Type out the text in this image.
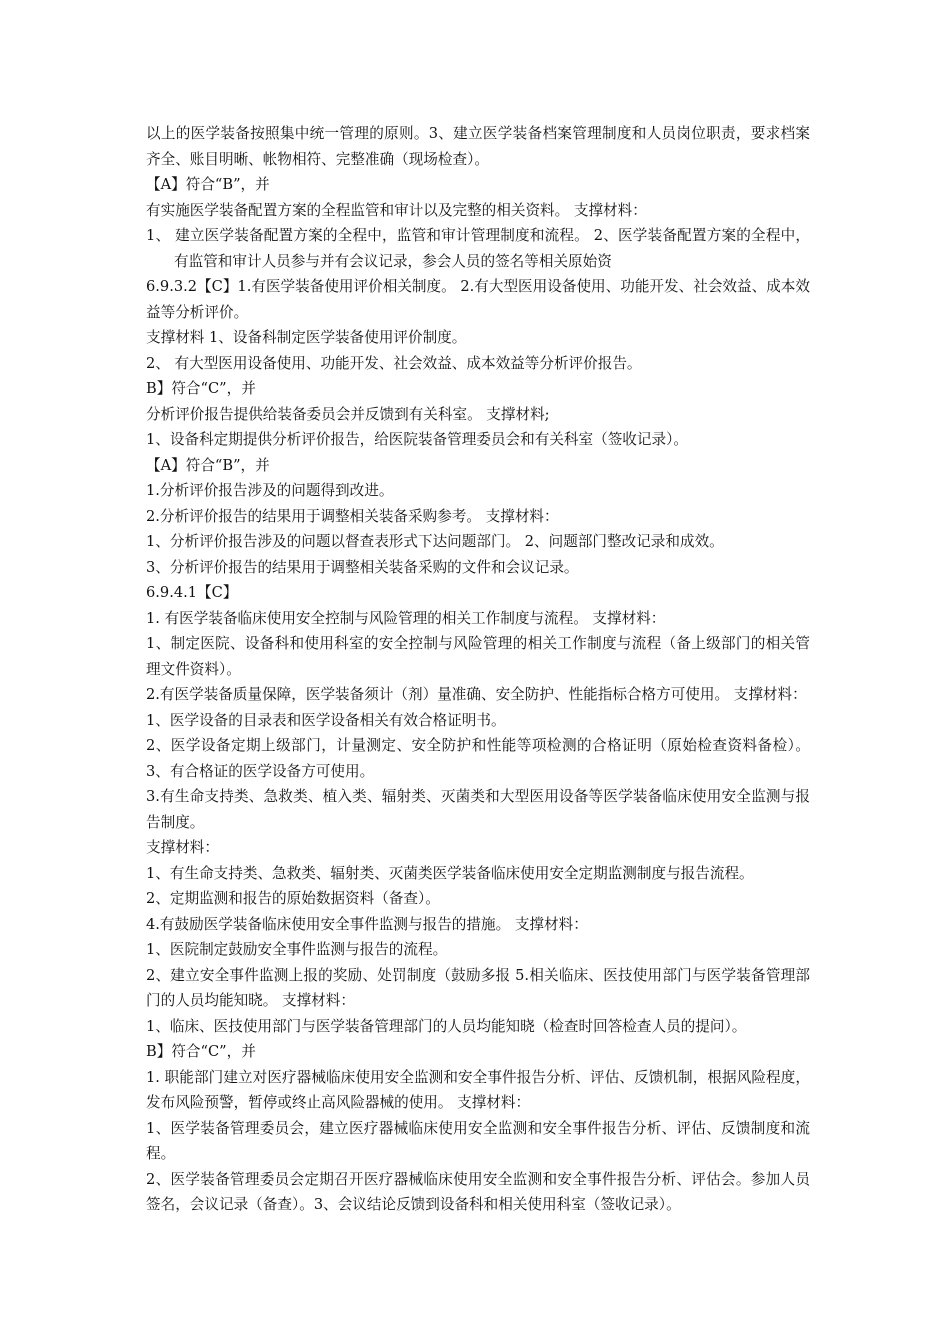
以上的医学装备按照集中统一管理的原则。3、建立医学装备档案管理制度和人员岗位职责，要求档案齐全、账目明晰、帐物相符、完整准确（现场检查）。

【A】符合“B”，并

有实施医学装备配置方案的全程监管和审计以及完整的相关资料。 支撑材料：

1、 建立医学装备配置方案的全程中，监管和审计管理制度和流程。 2、医学装备配置方案的全程中，有监管和审计人员参与并有会议记录，参会人员的签名等相关原始资

6.9.3.2【C】1.有医学装备使用评价相关制度。 2.有大型医用设备使用、功能开发、社会效益、成本效益等分析评价。

支撑材料 1、设备科制定医学装备使用评价制度。

2、 有大型医用设备使用、功能开发、社会效益、成本效益等分析评价报告。

B】符合“C”，并

分析评价报告提供给装备委员会并反馈到有关科室。 支撑材料;

1、设备科定期提供分析评价报告，给医院装备管理委员会和有关科室（签收记录）。

【A】符合“B”，并

1.分析评价报告涉及的问题得到改进。

2.分析评价报告的结果用于调整相关装备采购参考。 支撑材料：

1、分析评价报告涉及的问题以督查表形式下达问题部门。 2、问题部门整改记录和成效。

3、分析评价报告的结果用于调整相关装备采购的文件和会议记录。

6.9.4.1【C】

1. 有医学装备临床使用安全控制与风险管理的相关工作制度与流程。 支撑材料：

1、制定医院、设备科和使用科室的安全控制与风险管理的相关工作制度与流程（备上级部门的相关管理文件资料）。

2.有医学装备质量保障，医学装备须计（剂）量准确、安全防护、性能指标合格方可使用。 支撑材料：

1、医学设备的目录表和医学设备相关有效合格证明书。

2、医学设备定期上级部门，计量测定、安全防护和性能等项检测的合格证明（原始检查资料备检）。 3、有合格证的医学设备方可使用。

3.有生命支持类、急救类、植入类、辐射类、灭菌类和大型医用设备等医学装备临床使用安全监测与报告制度。

支撑材料：

1、有生命支持类、急救类、辐射类、灭菌类医学装备临床使用安全定期监测制度与报告流程。

2、定期监测和报告的原始数据资料（备查）。

4.有鼓励医学装备临床使用安全事件监测与报告的措施。 支撑材料：

1、医院制定鼓励安全事件监测与报告的流程。

2、建立安全事件监测上报的奖励、处罚制度（鼓励多报 5.相关临床、医技使用部门与医学装备管理部门的人员均能知晓。 支撑材料：

1、临床、医技使用部门与医学装备管理部门的人员均能知晓（检查时回答检查人员的提问）。

B】符合“C”，并

1. 职能部门建立对医疗器械临床使用安全监测和安全事件报告分析、评估、反馈机制，根据风险程度，发布风险预警，暂停或终止高风险器械的使用。 支撑材料：

1、医学装备管理委员会，建立医疗器械临床使用安全监测和安全事件报告分析、评估、反馈制度和流程。

2、医学装备管理委员会定期召开医疗器械临床使用安全监测和安全事件报告分析、评估会。参加人员签名，会议记录（备查）。3、会议结论反馈到设备科和相关使用科室（签收记录）。
